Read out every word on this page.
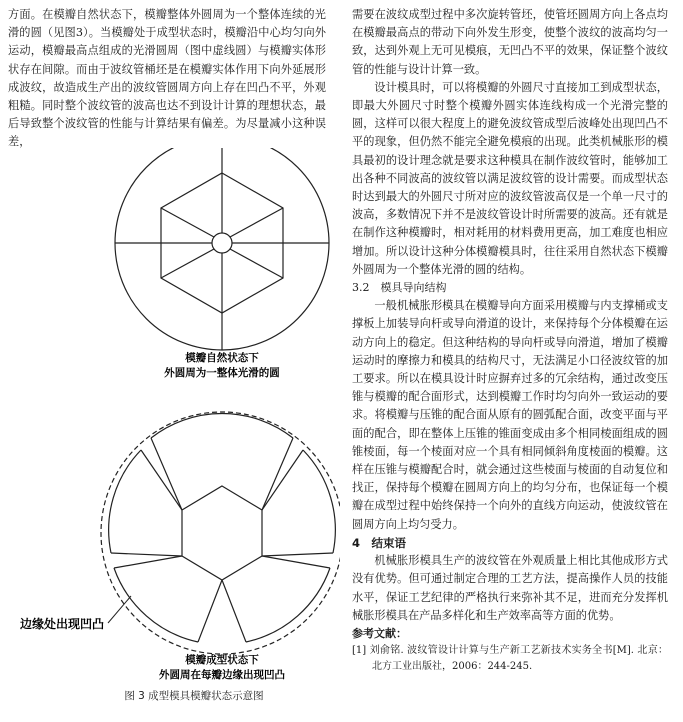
方面。在模瓣自然状态下，模瓣整体外圆周为一个整体连续的光滑的圆（见图3）。当模瓣处于成型状态时，模瓣沿中心均匀向外运动，模瓣最高点组成的光滑圆周（图中虚线圆）与模瓣实体形状存在间隙。而由于波纹管桶坯是在模瓣实体作用下向外延展形成波纹，故造成生产出的波纹管圆周方向上存在凹凸不平，外观粗糙。同时整个波纹管的波高也达不到设计计算的理想状态，最后导致整个波纹管的性能与计算结果有偏差。为尽量减小这种误差，

模瓣自然状态下
外圆周为一整体光滑的圆
边缘处出现凹凸
模瓣成型状态下
外圆周在每瓣边缘出现凹凸
图 3 成型模具模瓣状态示意图

需要在波纹成型过程中多次旋转管坯，使管坯圆周方向上各点均在模瓣最高点的带动下向外发生形变，使整个波纹的波高均匀一致，达到外观上无可见模痕，无凹凸不平的效果，保证整个波纹管的性能与设计计算一致。

设计模具时，可以将模瓣的外圆尺寸直接加工到成型状态，即最大外圆尺寸时整个模瓣外圆实体连线构成一个光滑完整的圆，这样可以很大程度上的避免波纹管成型后波峰处出现凹凸不平的现象，但仍然不能完全避免模痕的出现。此类机械胀形的模具最初的设计理念就是要求这种模具在制作波纹管时，能够加工出各种不同波高的波纹管以满足波纹管的设计需要。而成型状态时达到最大的外圆尺寸所对应的波纹管波高仅是一个单一尺寸的波高，多数情况下并不是波纹管设计时所需要的波高。还有就是在制作这种模瓣时，相对耗用的材料费用更高，加工难度也相应增加。所以设计这种分体模瓣模具时，往往采用自然状态下模瓣外圆周为一个整体光滑的圆的结构。

3.2　模具导向结构

一般机械胀形模具在模瓣导向方面采用模瓣与内支撑桶或支撑板上加装导向杆或导向滑道的设计，来保持每个分体模瓣在运动方向上的稳定。但这种结构的导向杆或导向滑道，增加了模瓣运动时的摩擦力和模具的结构尺寸，无法满足小口径波纹管的加工要求。所以在模具设计时应摒弃过多的冗余结构，通过改变压锥与模瓣的配合面形式，达到模瓣工作时均匀向外一致运动的要求。将模瓣与压锥的配合面从原有的圆弧配合面，改变平面与平面的配合，即在整体上压锥的锥面变成由多个相同棱面组成的圆锥棱面，每一个棱面对应一个具有相同倾斜角度棱面的模瓣。这样在压锥与模瓣配合时，就会通过这些棱面与棱面的自动复位和找正，保持每个模瓣在圆周方向上的均匀分布，也保证每一个模瓣在成型过程中始终保持一个向外的直线方向运动，使波纹管在圆周方向上均匀受力。

4　结束语

机械胀形模具生产的波纹管在外观质量上相比其他成形方式没有优势。但可通过制定合理的工艺方法，提高操作人员的技能水平，保证工艺纪律的严格执行来弥补其不足，进而充分发挥机械胀形模具在产品多样化和生产效率高等方面的优势。

参考文献：

[1] 刘俞铭. 波纹管设计计算与生产新工艺新技术实务全书[M]. 北京：北方工业出版社，2006：244-245.
